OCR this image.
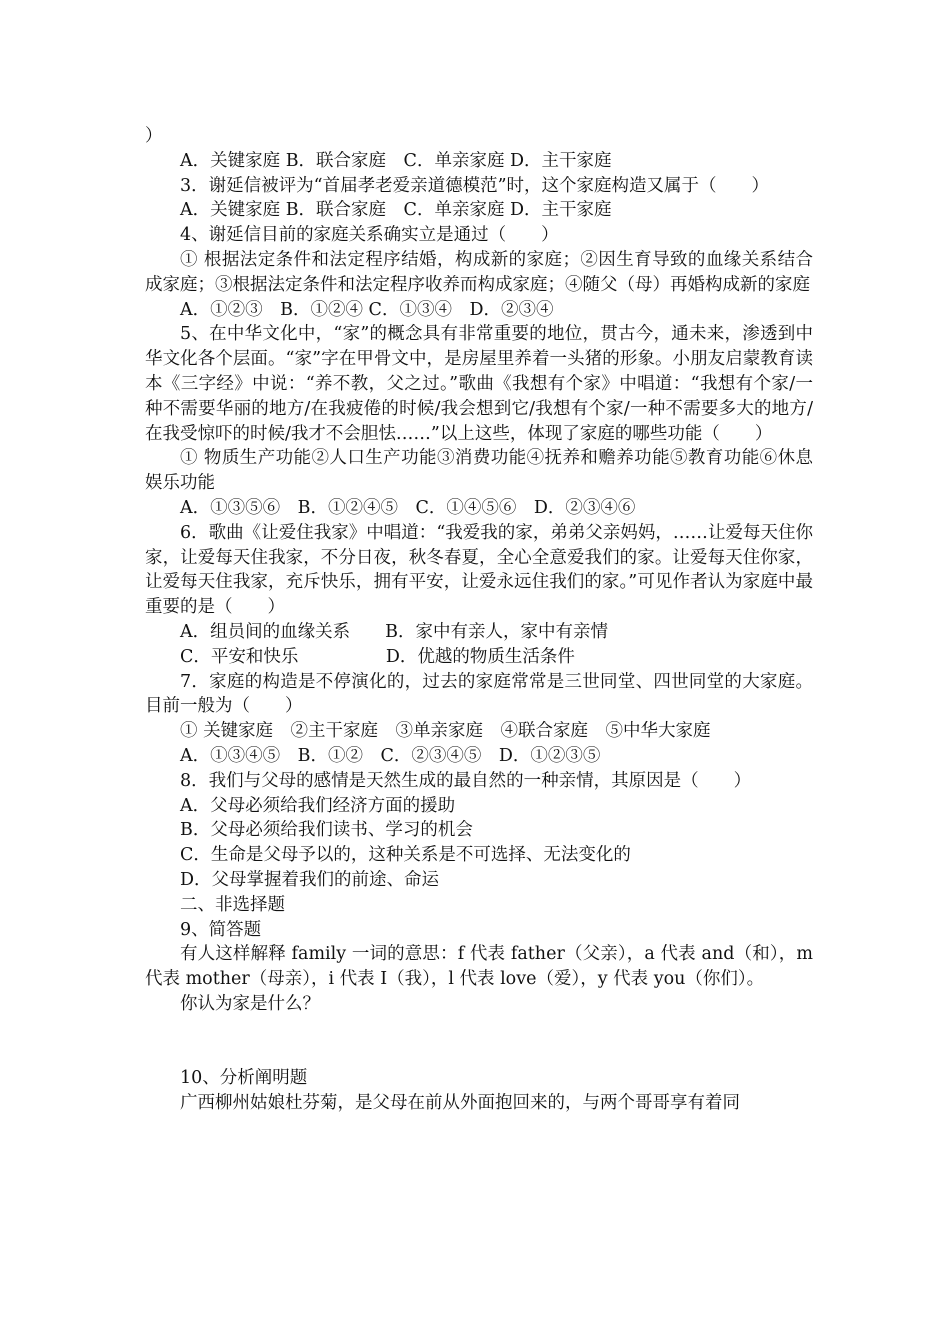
）

A．关键家庭 B．联合家庭　C．单亲家庭 D．主干家庭

3．谢延信被评为“首届孝老爱亲道德模范”时，这个家庭构造又属于（　　）

A．关键家庭 B．联合家庭　C．单亲家庭 D．主干家庭

4、谢延信目前的家庭关系确实立是通过（　　）

① 根据法定条件和法定程序结婚，构成新的家庭；②因生育导致的血缘关系结合成家庭；③根据法定条件和法定程序收养而构成家庭；④随父（母）再婚构成新的家庭

A．①②③　B．①②④ C．①③④　D．②③④

5、在中华文化中，“家”的概念具有非常重要的地位，贯古今，通未来，渗透到中华文化各个层面。“家”字在甲骨文中，是房屋里养着一头猪的形象。小朋友启蒙教育读本《三字经》中说：“养不教，父之过。”歌曲《我想有个家》中唱道：“我想有个家/一种不需要华丽的地方/在我疲倦的时候/我会想到它/我想有个家/一种不需要多大的地方/在我受惊吓的时候/我才不会胆怯……”以上这些，体现了家庭的哪些功能（　　）

① 物质生产功能②人口生产功能③消费功能④抚养和赡养功能⑤教育功能⑥休息娱乐功能

A．①③⑤⑥　B．①②④⑤　C．①④⑤⑥　D．②③④⑥

6．歌曲《让爱住我家》中唱道：“我爱我的家，弟弟父亲妈妈，……让爱每天住你家，让爱每天住我家，不分日夜，秋冬春夏，全心全意爱我们的家。让爱每天住你家，让爱每天住我家，充斥快乐，拥有平安，让爱永远住我们的家。”可见作者认为家庭中最重要的是（　　）

A．组员间的血缘关系　　B．家中有亲人，家中有亲情

C．平安和快乐　　　　　D．优越的物质生活条件

7．家庭的构造是不停演化的，过去的家庭常常是三世同堂、四世同堂的大家庭。目前一般为（　　）

① 关键家庭　②主干家庭　③单亲家庭　④联合家庭　⑤中华大家庭

A．①③④⑤　B．①②　C．②③④⑤　D．①②③⑤

8．我们与父母的感情是天然生成的最自然的一种亲情，其原因是（　　）

A．父母必须给我们经济方面的援助

B．父母必须给我们读书、学习的机会

C．生命是父母予以的，这种关系是不可选择、无法变化的

D．父母掌握着我们的前途、命运

二、非选择题

9、简答题

有人这样解释 family 一词的意思：f 代表 father（父亲），a 代表 and（和），m 代表 mother（母亲），i 代表 I（我），l 代表 love（爱），y 代表 you（你们）。

你认为家是什么？

10、分析阐明题

广西柳州姑娘杜芬菊，是父母在前从外面抱回来的，与两个哥哥享有着同
